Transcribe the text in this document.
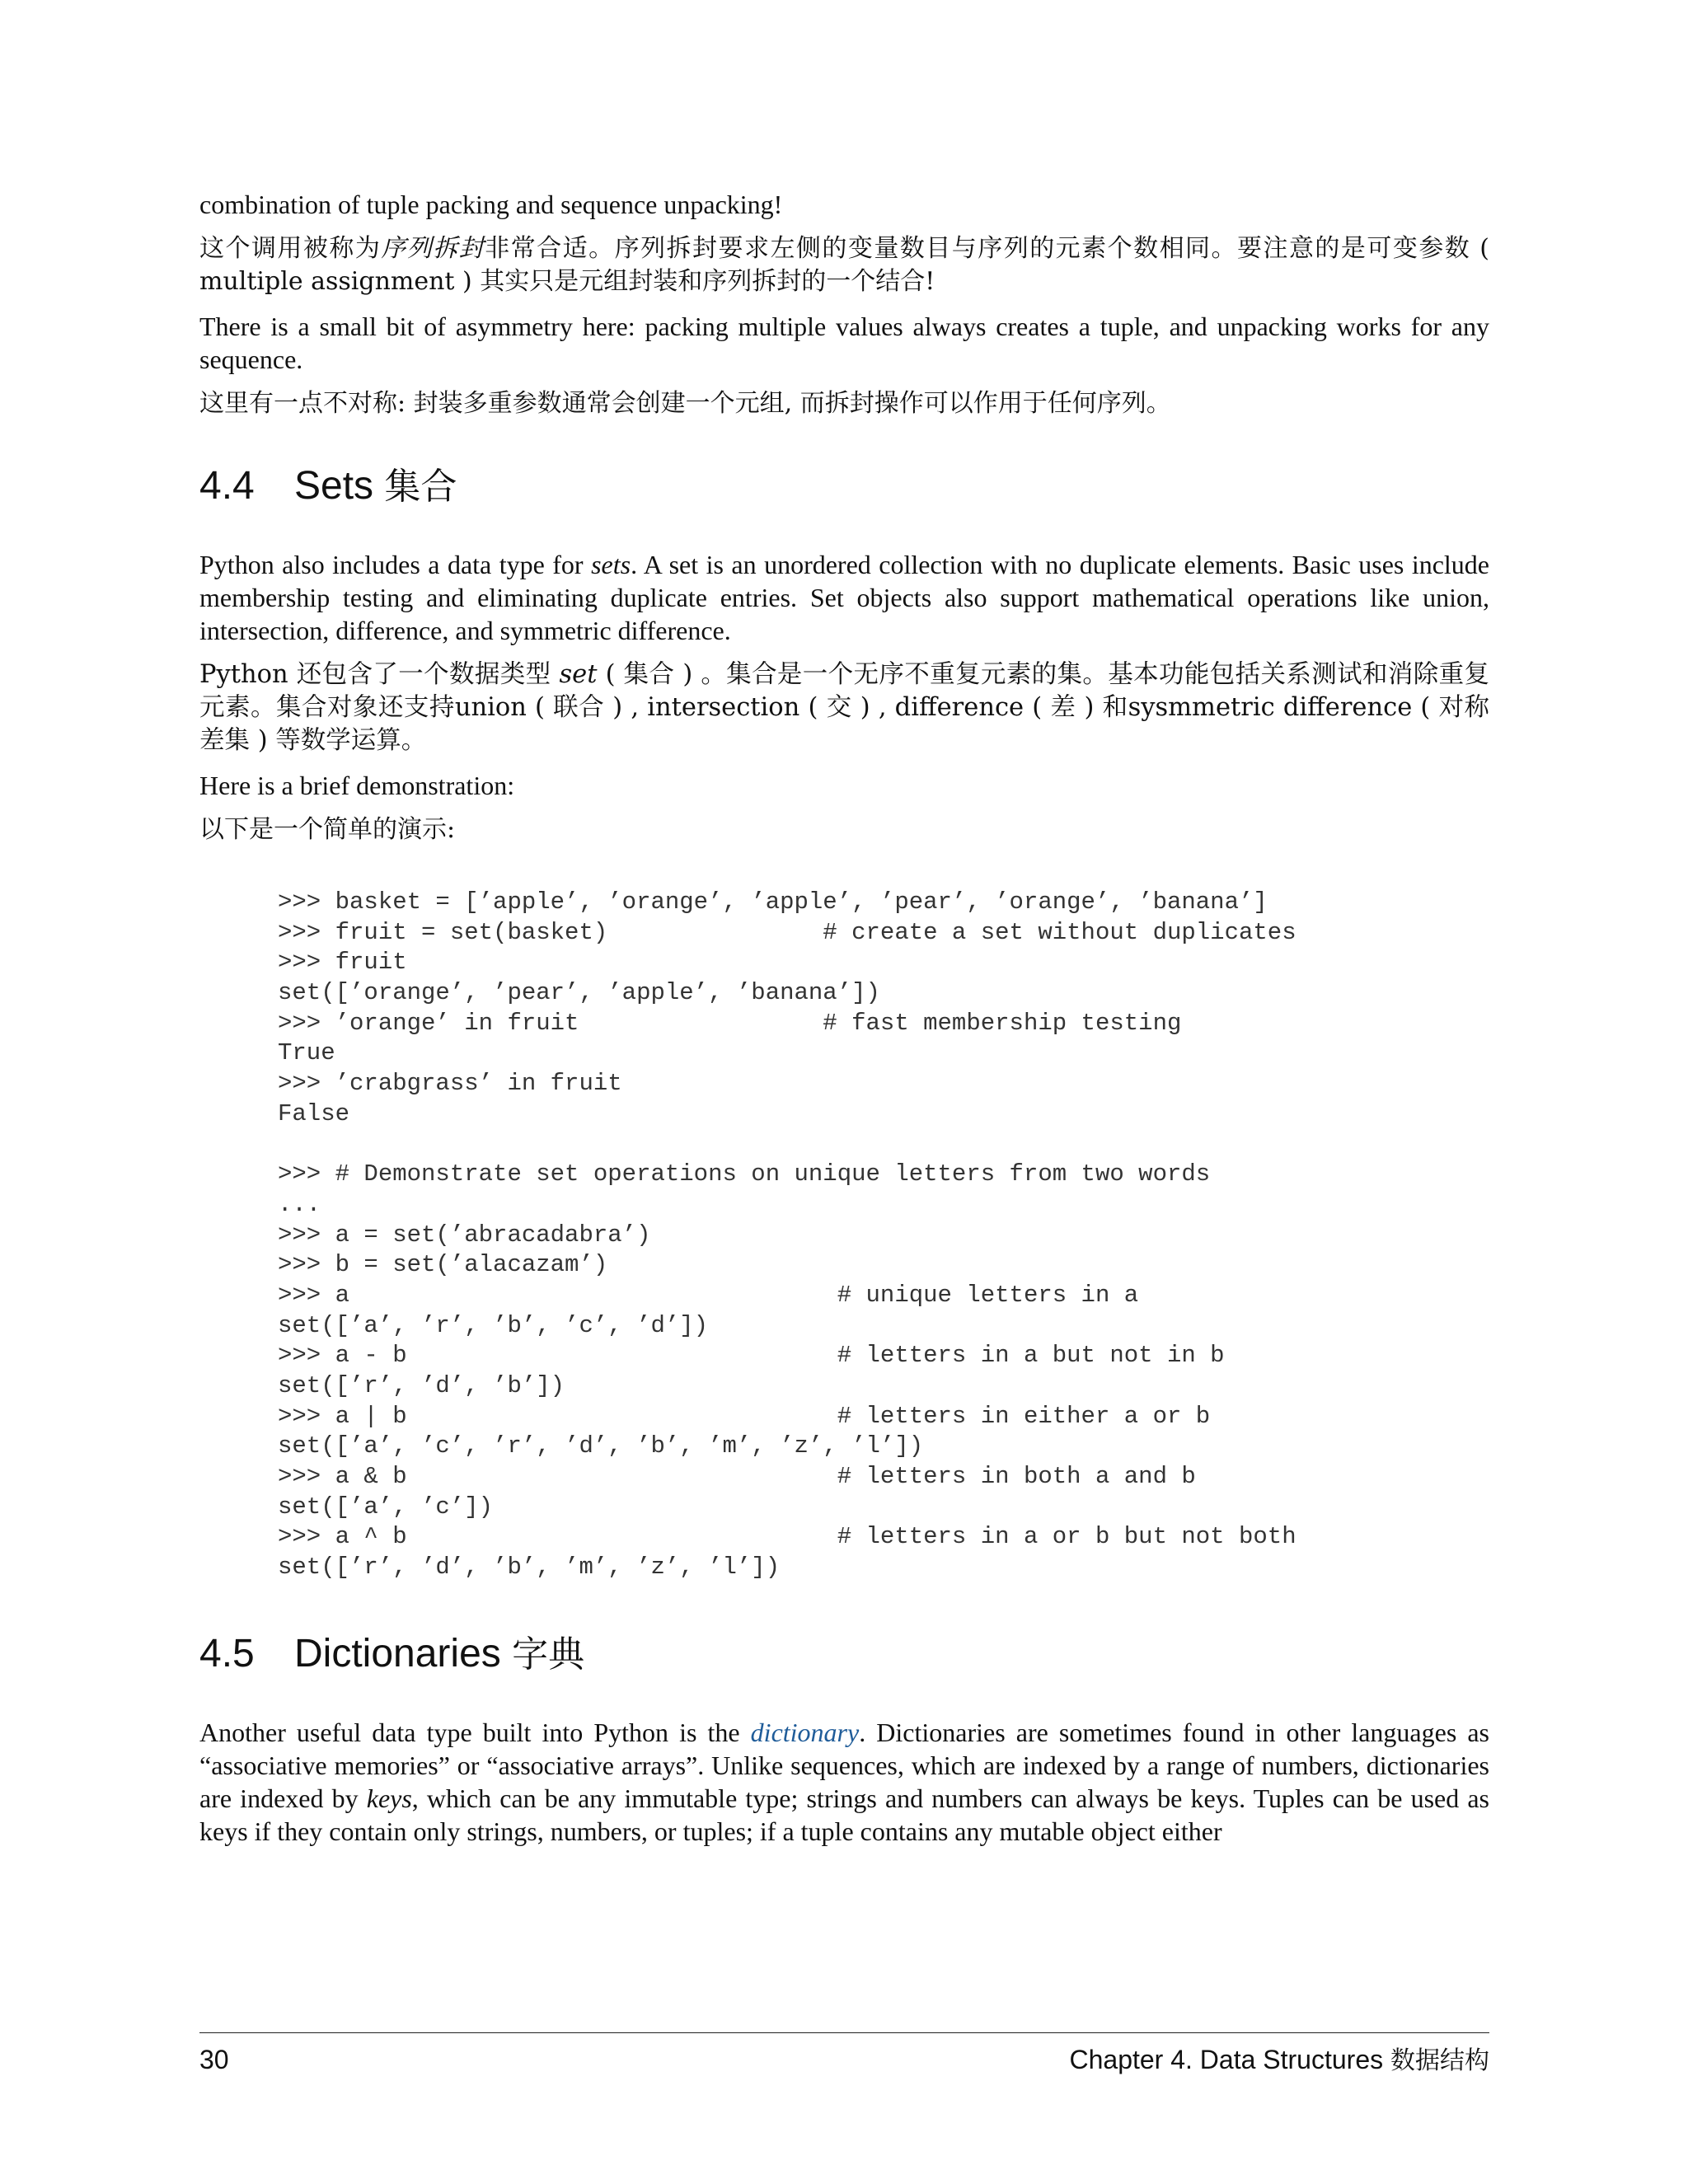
combination of tuple packing and sequence unpacking!

这个调用被称为序列拆封非常合适。序列拆封要求左侧的变量数目与序列的元素个数相同。要注意的是可变参数 ( multiple assignment ) 其实只是元组封装和序列拆封的一个结合!

There is a small bit of asymmetry here: packing multiple values always creates a tuple, and unpacking works for any sequence.

这里有一点不对称: 封装多重参数通常会创建一个元组, 而拆封操作可以作用于任何序列。

4.4 Sets 集合

Python also includes a data type for sets. A set is an unordered collection with no duplicate elements. Basic uses include membership testing and eliminating duplicate entries. Set objects also support mathematical operations like union, intersection, difference, and symmetric difference.

Python 还包含了一个数据类型 set ( 集合 ) 。集合是一个无序不重复元素的集。基本功能包括关系测试和消除重复元素。集合对象还支持union ( 联合 ) , intersection ( 交 ) , difference ( 差 ) 和sysmmetric difference ( 对称差集 ) 等数学运算。

Here is a brief demonstration:

以下是一个简单的演示:

>>> basket = [’apple’, ’orange’, ’apple’, ’pear’, ’orange’, ’banana’]
>>> fruit = set(basket)               # create a set without duplicates
>>> fruit
set([’orange’, ’pear’, ’apple’, ’banana’])
>>> ’orange’ in fruit                 # fast membership testing
True
>>> ’crabgrass’ in fruit
False
>>> # Demonstrate set operations on unique letters from two words
...
>>> a = set(’abracadabra’)
>>> b = set(’alacazam’)
>>> a                                  # unique letters in a
set([’a’, ’r’, ’b’, ’c’, ’d’])
>>> a - b                              # letters in a but not in b
set([’r’, ’d’, ’b’])
>>> a | b                              # letters in either a or b
set([’a’, ’c’, ’r’, ’d’, ’b’, ’m’, ’z’, ’l’])
>>> a & b                              # letters in both a and b
set([’a’, ’c’])
>>> a ^ b                              # letters in a or b but not both
set([’r’, ’d’, ’b’, ’m’, ’z’, ’l’])
4.5 Dictionaries 字典

Another useful data type built into Python is the dictionary. Dictionaries are sometimes found in other languages as “associative memories” or “associative arrays”. Unlike sequences, which are indexed by a range of numbers, dictionaries are indexed by keys, which can be any immutable type; strings and numbers can always be keys. Tuples can be used as keys if they contain only strings, numbers, or tuples; if a tuple contains any mutable object either

30	Chapter 4. Data Structures 数据结构
